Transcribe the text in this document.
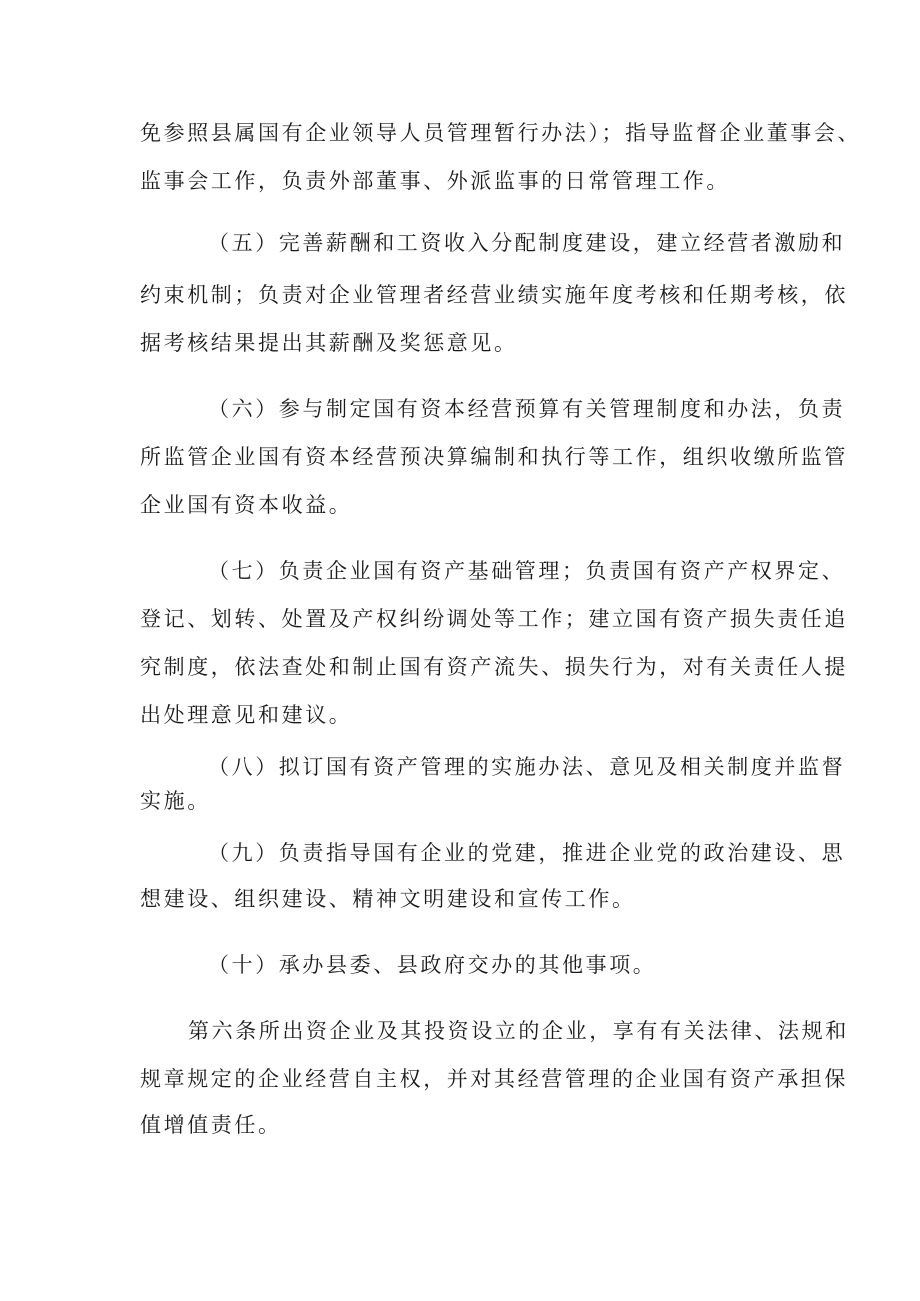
免参照县属国有企业领导人员管理暂行办法）；指导监督企业董事会、

监事会工作，负责外部董事、外派监事的日常管理工作。

（五）完善薪酬和工资收入分配制度建设，建立经营者激励和

约束机制；负责对企业管理者经营业绩实施年度考核和任期考核，依

据考核结果提出其薪酬及奖惩意见。

（六）参与制定国有资本经营预算有关管理制度和办法，负责

所监管企业国有资本经营预决算编制和执行等工作，组织收缴所监管

企业国有资本收益。

（七）负责企业国有资产基础管理；负责国有资产产权界定、

登记、划转、处置及产权纠纷调处等工作；建立国有资产损失责任追

究制度，依法查处和制止国有资产流失、损失行为，对有关责任人提

出处理意见和建议。

（八）拟订国有资产管理的实施办法、意见及相关制度并监督

实施。

（九）负责指导国有企业的党建，推进企业党的政治建设、思

想建设、组织建设、精神文明建设和宣传工作。

（十）承办县委、县政府交办的其他事项。

第六条所出资企业及其投资设立的企业，享有有关法律、法规和

规章规定的企业经营自主权，并对其经营管理的企业国有资产承担保

值增值责任。
